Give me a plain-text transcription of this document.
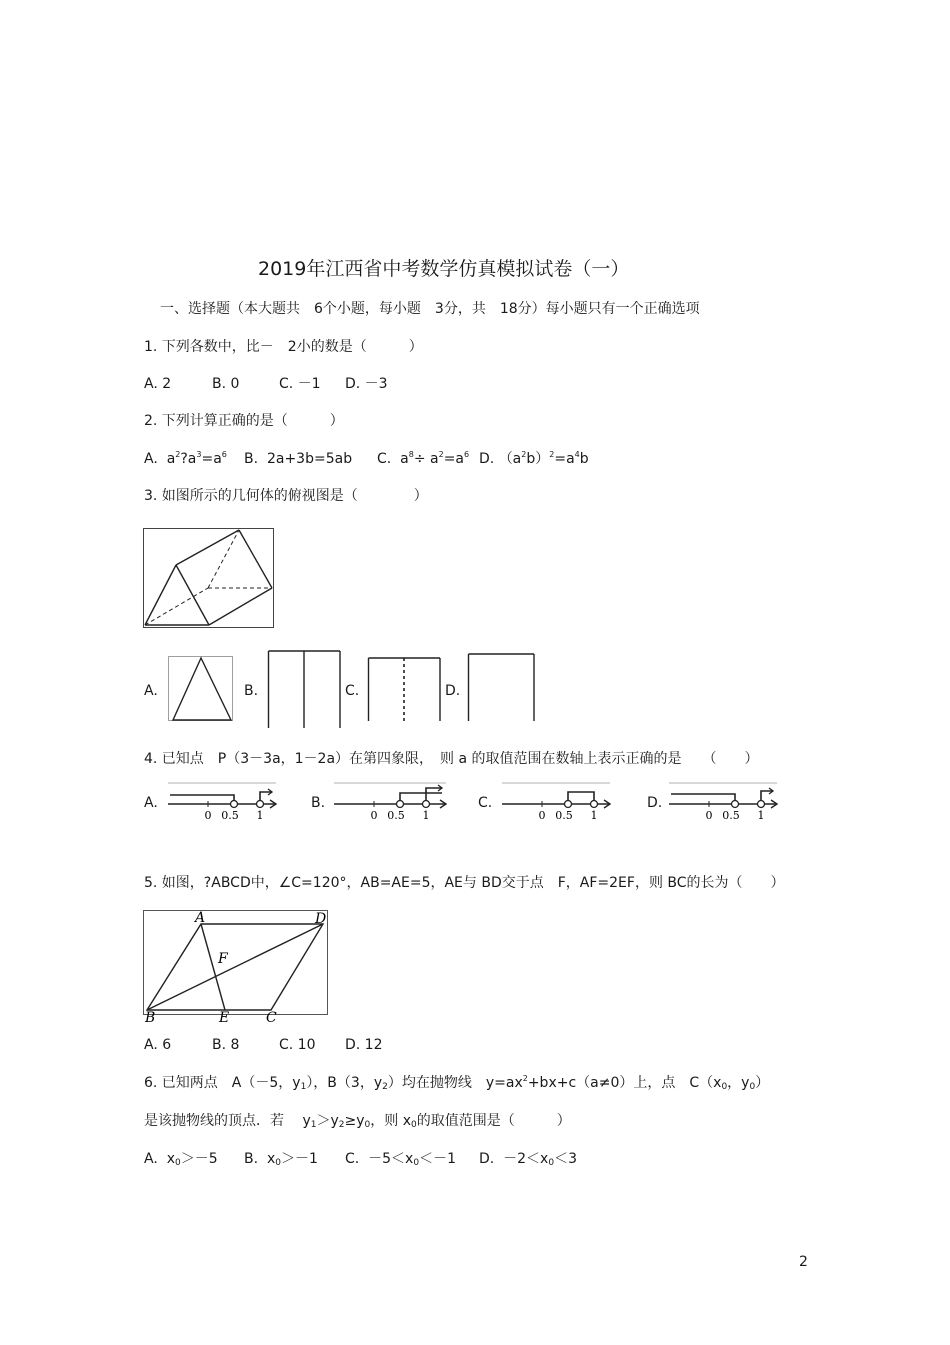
2019年江西省中考数学仿真模拟试卷（一）
一、选择题（本大题共　6个小题，每小题　3分，共　18分）每小题只有一个正确选项
1. 下列各数中，比－　2小的数是（　　　）
A. 2	B. 0	C. －1 D. －3
2. 下列计算正确的是（　　　）
A. $a^2?a^3=a^6$ B. 2a+3b=5ab C. $a^8\div a^2=a^6$ D. $(a^2b)^2=a^4b$
3. 如图所示的几何体的俯视图是（　　　　）
A.	B.	C.	D.
4. 已知点　P（3－3a，1－2a）在第四象限，　则 a 的取值范围在数轴上表示正确的是　　（　　）
A.
0 0.5 1
B.
0 0.5 1
C.
0 0.5 1
D.
0 0.5 1
5. 如图，?ABCD中，∠C=120°，AB=AE=5，AE与 BD交于点　F，AF=2EF，则 BC的长为（　　）
A	D
F
B	E	C
A. 6	B. 8	C. 10 D. 12
6. 已知两点　A（－5，$y_1$），B（3，$y_2$）均在抛物线　$y=ax^2+bx+c(a\ne 0)$上，点　$C(x_0$，$y_0$）
是该抛物线的顶点．若　 $y_1>y_2\ge y_0$，则 $x_0$的取值范围是（　　　）
A. $x_0>-5$ B. $x_0>-1$ C. $-5<x_0<-1$ D. $-2<x_0<3$
2
